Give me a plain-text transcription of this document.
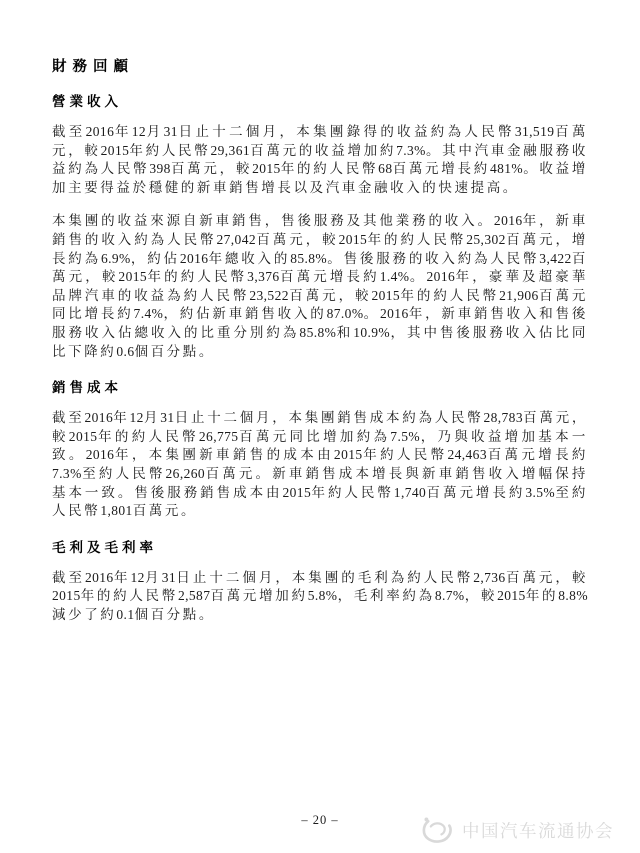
財務回顧
營業收入

截至2016年12月31日止十二個月，本集團錄得的收益約為人民幣31,519百萬元，較2015年約人民幣29,361百萬元的收益增加約7.3%。其中汽車金融服務收益約為人民幣398百萬元，較2015年的約人民幣68百萬元增長約481%。收益增加主要得益於穩健的新車銷售增長以及汽車金融收入的快速提高。

本集團的收益來源自新車銷售，售後服務及其他業務的收入。2016年，新車銷售的收入約為人民幣27,042百萬元，較2015年的約人民幣25,302百萬元，增長約為6.9%，約佔2016年總收入的85.8%。售後服務的收入約為人民幣3,422百萬元，較2015年的約人民幣3,376百萬元增長約1.4%。2016年，豪華及超豪華品牌汽車的收益為約人民幣23,522百萬元，較2015年的約人民幣21,906百萬元同比增長約7.4%，約佔新車銷售收入的87.0%。2016年，新車銷售收入和售後服務收入佔總收入的比重分別約為85.8%和10.9%，其中售後服務收入佔比同比下降約0.6個百分點。

銷售成本

截至2016年12月31日止十二個月，本集團銷售成本約為人民幣28,783百萬元，較2015年的約人民幣26,775百萬元同比增加約為7.5%，乃與收益增加基本一致。2016年，本集團新車銷售的成本由2015年約人民幣24,463百萬元增長約7.3%至約人民幣26,260百萬元。新車銷售成本增長與新車銷售收入增幅保持基本一致。售後服務銷售成本由2015年約人民幣1,740百萬元增長約3.5%至約人民幣1,801百萬元。

毛利及毛利率

截至2016年12月31日止十二個月，本集團的毛利為約人民幣2,736百萬元，較2015年的約人民幣2,587百萬元增加約5.8%，毛利率約為8.7%，較2015年的8.8%減少了約0.1個百分點。

– 20 –
中国汽车流通协会
